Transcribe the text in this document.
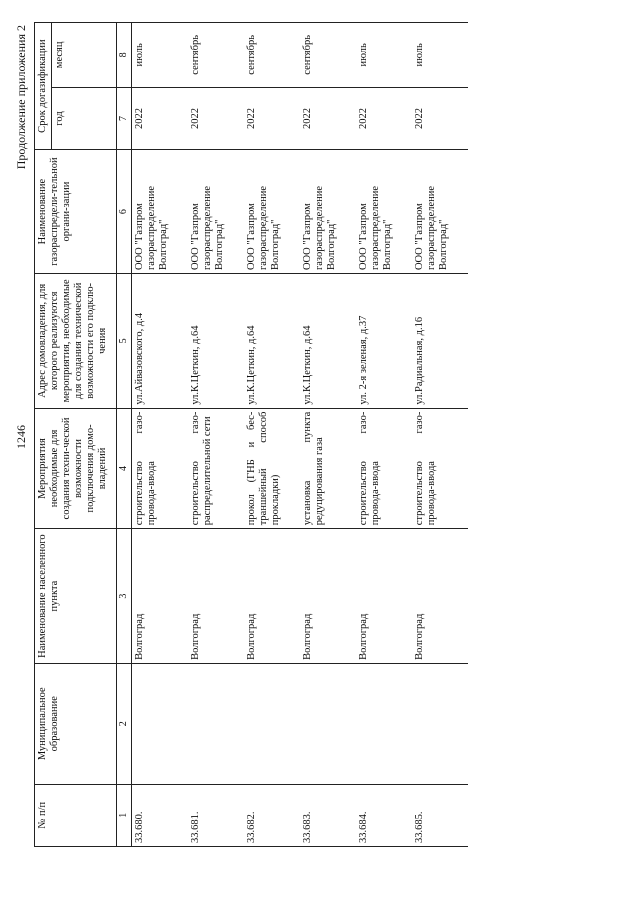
1246
Продолжение приложения 2
№ п/п	Муниципальное образование	Наименование населенного пункта	Мероприятия необходимые для создания техни-ческой возможности подключения домо-владений	Адрес домовладения, для которого реализуются мероприятия, необходимые для создания технической возможности его подклю-чения	Наименование газораспредели-тельной органи-зации	Срок догазификации	
						год	месяц
1	2	3	4	5	6	7	8
33.680.		Волгоград	строительство газо-провода-ввода	ул.Айвазовского, д.4	ООО "Газпром газораспределение Волгоград"	2022	июль
33.681.		Волгоград	строительство газо-распределительной сети	ул.К.Цеткин, д.64	ООО "Газпром газораспределение Волгоград"	2022	сентябрь
33.682.		Волгоград	прокол (ГНБ и бес-траншейный способ прокладки)	ул.К.Цеткин, д.64	ООО "Газпром газораспределение Волгоград"	2022	сентябрь
33.683.		Волгоград	установка пункта редуцирования газа	ул.К.Цеткин, д.64	ООО "Газпром газораспределение Волгоград"	2022	сентябрь
33.684.		Волгоград	строительство газо-провода-ввода	ул. 2-я зеленая, д.37	ООО "Газпром газораспределение Волгоград"	2022	июль
33.685.		Волгоград	строительство газо-провода-ввода	ул.Радиальная, д.16	ООО "Газпром газораспределение Волгоград"	2022	июль
